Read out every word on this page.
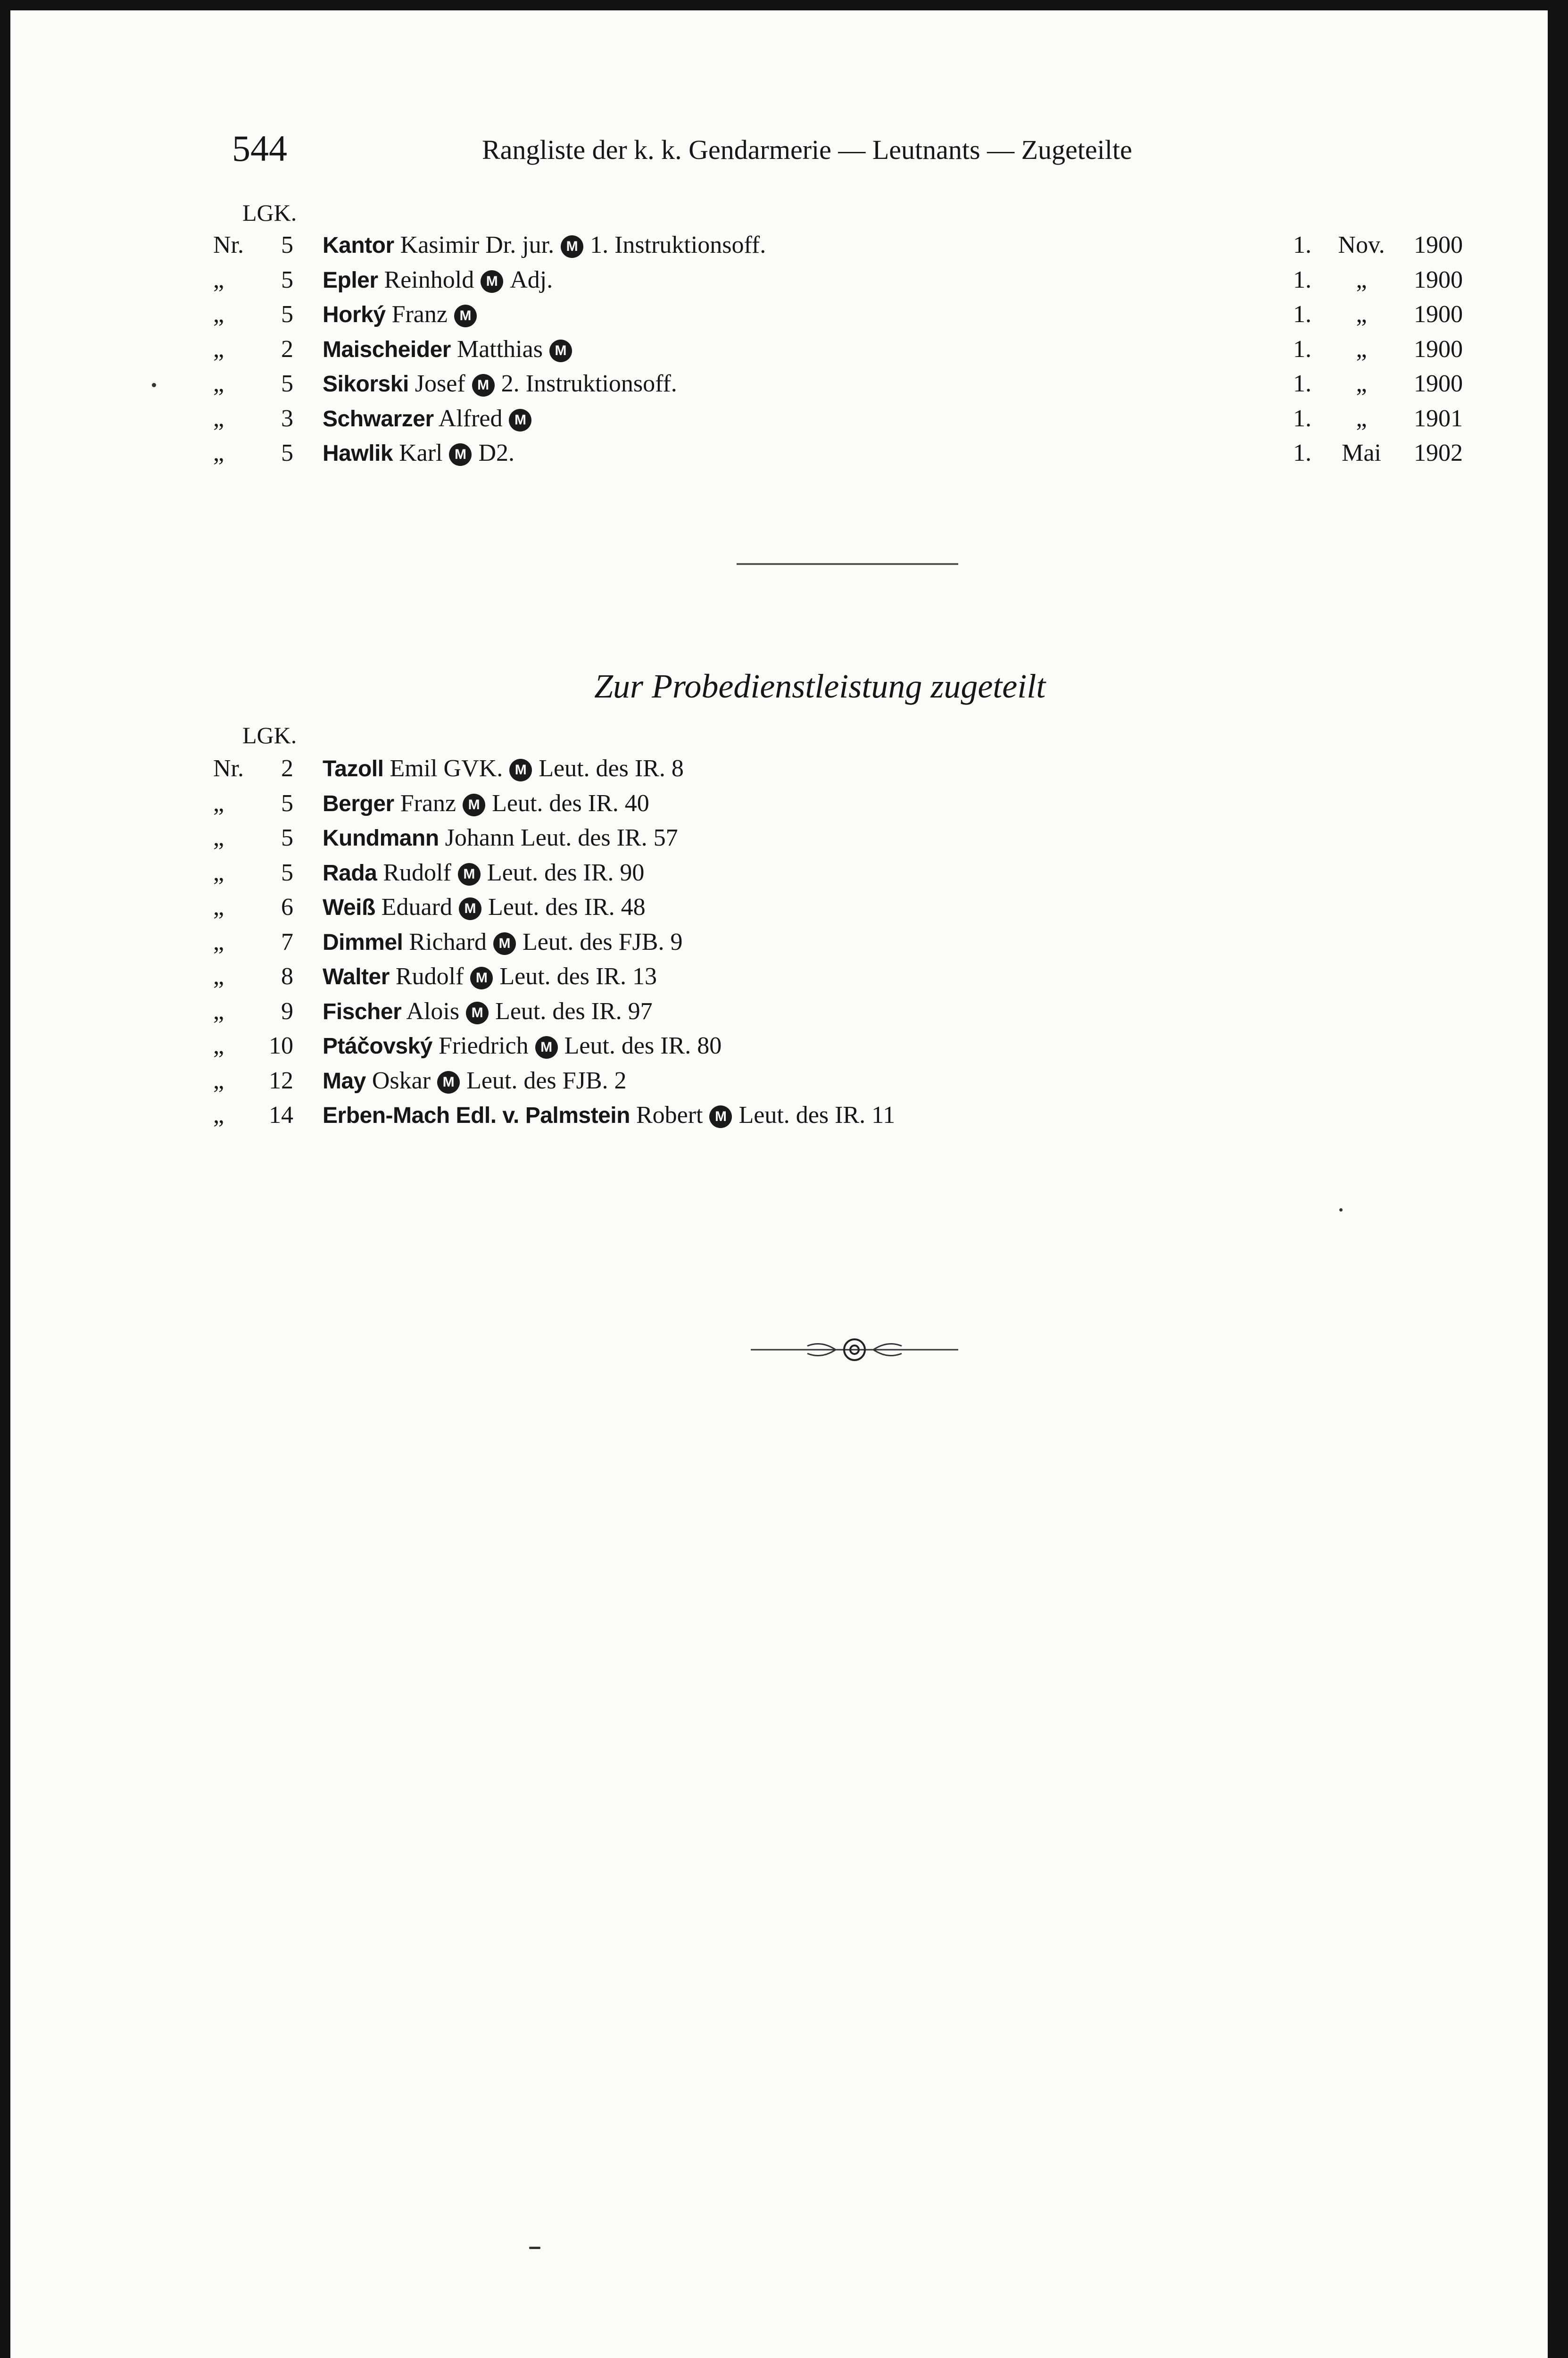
544	Rangliste der k. k. Gendarmerie — Leutnants — Zugeteilte
LGK.
Nr. 5 Kantor Kasimir Dr. jur. M 1. Instruktionsoff.	1. Nov. 1900
„ 5 Epler Reinhold M Adj.	1. „ 1900
„ 5 Horký Franz M	1. „ 1900
„ 2 Maischeider Matthias M	1. „ 1900
„ 5 Sikorski Josef M 2. Instruktionsoff.	1. „ 1900
„ 3 Schwarzer Alfred M	1. „ 1901
„ 5 Hawlik Karl M D2.	1. Mai 1902
Zur Probedienstleistung zugeteilt
LGK.
Nr. 2 Tazoll Emil GVK. M Leut. des IR. 8
„ 5 Berger Franz M Leut. des IR. 40
„ 5 Kundmann Johann Leut. des IR. 57
„ 5 Rada Rudolf M Leut. des IR. 90
„ 6 Weiß Eduard M Leut. des IR. 48
„ 7 Dimmel Richard M Leut. des FJB. 9
„ 8 Walter Rudolf M Leut. des IR. 13
„ 9 Fischer Alois M Leut. des IR. 97
„ 10 Ptáčovský Friedrich M Leut. des IR. 80
„ 12 May Oskar M Leut. des FJB. 2
„ 14 Erben-Mach Edl. v. Palmstein Robert M Leut. des IR. 11
